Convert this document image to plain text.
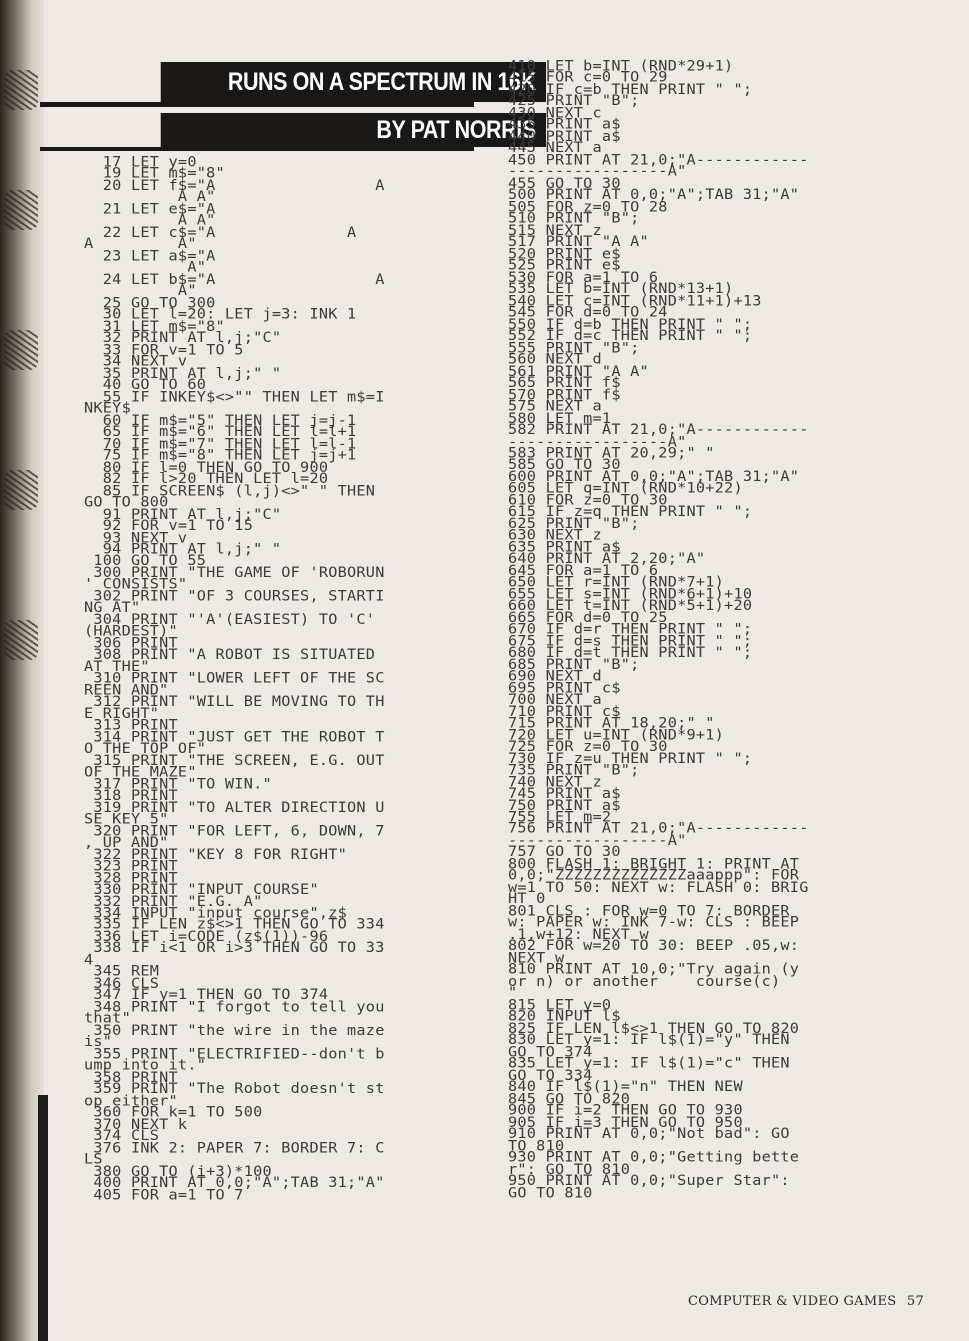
RUNS ON A SPECTRUM IN 16K
BY PAT NORRIS
17 LET y=0
19 LET m$="8"
20 LET f$="A                 A
A A"
21 LET e$="A
A A"
22 LET c$="A              A
A         A"
23 LET a$="A
A"
24 LET b$="A                 A
A"
25 GO TO 300
30 LET l=20: LET j=3: INK 1
31 LET m$="8"
32 PRINT AT l,j;"C"
33 FOR v=1 TO 5
34 NEXT v
35 PRINT AT l,j;" "
40 GO TO 60
55 IF INKEY$<>"" THEN LET m$=I
NKEY$
60 IF m$="5" THEN LET j=j-1
65 IF m$="6" THEN LET l=l+1
70 IF m$="7" THEN LET l=l-1
75 IF m$="8" THEN LET j=j+1
80 IF l=0 THEN GO TO 900
82 IF l>20 THEN LET l=20
85 IF SCREEN$ (l,j)<>" " THEN
GO TO 800
91 PRINT AT l,j;"C"
92 FOR v=1 TO 15
93 NEXT v
94 PRINT AT l,j;" "
100 GO TO 55
300 PRINT "THE GAME OF 'ROBORUN
' CONSISTS"
302 PRINT "OF 3 COURSES, STARTI
NG AT"
304 PRINT "'A'(EASIEST) TO 'C'
(HARDEST)"
306 PRINT
308 PRINT "A ROBOT IS SITUATED
AT THE"
310 PRINT "LOWER LEFT OF THE SC
REEN AND"
312 PRINT "WILL BE MOVING TO TH
E RIGHT"
313 PRINT
314 PRINT "JUST GET THE ROBOT T
O THE TOP OF"
315 PRINT "THE SCREEN, E.G. OUT
OF THE MAZE"
317 PRINT "TO WIN."
318 PRINT
319 PRINT "TO ALTER DIRECTION U
SE KEY 5"
320 PRINT "FOR LEFT, 6, DOWN, 7
, UP AND"
322 PRINT "KEY 8 FOR RIGHT"
323 PRINT
328 PRINT
330 PRINT "INPUT COURSE"
332 PRINT "E.G. A"
334 INPUT "input course",z$
335 IF LEN z$<>1 THEN GO TO 334
336 LET i=CODE (z$(1))-96
338 IF i<1 OR i>3 THEN GO TO 33
4
345 REM
346 CLS
347 IF y=1 THEN GO TO 374
348 PRINT "I forgot to tell you
that"
350 PRINT "the wire in the maze
is"
355 PRINT "ELECTRIFIED--don't b
ump into it."
358 PRINT
359 PRINT "The Robot doesn't st
op either"
360 FOR k=1 TO 500
370 NEXT k
374 CLS
376 INK 2: PAPER 7: BORDER 7: C
LS
380 GO TO (i+3)*100
400 PRINT AT 0,0;"A";TAB 31;"A"
405 FOR a=1 TO 7
410 LET b=INT (RND*29+1)
415 FOR c=0 TO 29
420 IF c=b THEN PRINT " ";
425 PRINT "B";
430 NEXT c
435 PRINT a$
440 PRINT a$
445 NEXT a
450 PRINT AT 21,0;"A------------
-----------------A"
455 GO TO 30
500 PRINT AT 0,0;"A";TAB 31;"A"
505 FOR z=0 TO 28
510 PRINT "B";
515 NEXT z
517 PRINT "A A"
520 PRINT e$
525 PRINT e$
530 FOR a=1 TO 6
535 LET b=INT (RND*13+1)
540 LET c=INT (RND*11+1)+13
545 FOR d=0 TO 24
550 IF d=b THEN PRINT " ";
552 IF d=c THEN PRINT " ";
555 PRINT "B";
560 NEXT d
561 PRINT "A A"
565 PRINT f$
570 PRINT f$
575 NEXT a
580 LET m=1
582 PRINT AT 21,0;"A------------
-----------------A"
583 PRINT AT 20,29;" "
585 GO TO 30
600 PRINT AT 0,0;"A";TAB 31;"A"
605 LET q=INT (RND*10+22)
610 FOR z=0 TO 30
615 IF z=q THEN PRINT " ";
625 PRINT "B";
630 NEXT z
635 PRINT a$
640 PRINT AT 2,20;"A"
645 FOR a=1 TO 6
650 LET r=INT (RND*7+1)
655 LET s=INT (RND*6+1)+10
660 LET t=INT (RND*5+1)+20
665 FOR d=0 TO 25
670 IF d=r THEN PRINT " ";
675 IF d=s THEN PRINT " ";
680 IF d=t THEN PRINT " ";
685 PRINT "B";
690 NEXT d
695 PRINT c$
700 NEXT a
710 PRINT c$
715 PRINT AT 18,20;" "
720 LET u=INT (RND*9+1)
725 FOR z=0 TO 30
730 IF z=u THEN PRINT " ";
735 PRINT "B";
740 NEXT z
745 PRINT a$
750 PRINT a$
755 LET m=2
756 PRINT AT 21,0;"A------------
-----------------A"
757 GO TO 30
800 FLASH 1: BRIGHT 1: PRINT AT
0,0;"ZZZZZZZZZZZZZZaaappp": FOR
w=1 TO 50: NEXT w: FLASH 0: BRIG
HT 0
801 CLS : FOR w=0 TO 7: BORDER
w: PAPER w: INK 7-w: CLS : BEEP
.1,w+12: NEXT w
802 FOR w=20 TO 30: BEEP .05,w:
NEXT w
810 PRINT AT 10,0;"Try again (y
or n) or another    course(c)
"
815 LET y=0
820 INPUT l$
825 IF LEN l$<>1 THEN GO TO 820
830 LET y=1: IF l$(1)="y" THEN
GO TO 374
835 LET y=1: IF l$(1)="c" THEN
GO TO 334
840 IF l$(1)="n" THEN NEW
845 GO TO 820
900 IF i=2 THEN GO TO 930
905 IF i=3 THEN GO TO 950
910 PRINT AT 0,0;"Not bad": GO
TO 810
930 PRINT AT 0,0;"Getting bette
r": GO TO 810
950 PRINT AT 0,0;"Super Star":
GO TO 810
COMPUTER & VIDEO GAMES 57
